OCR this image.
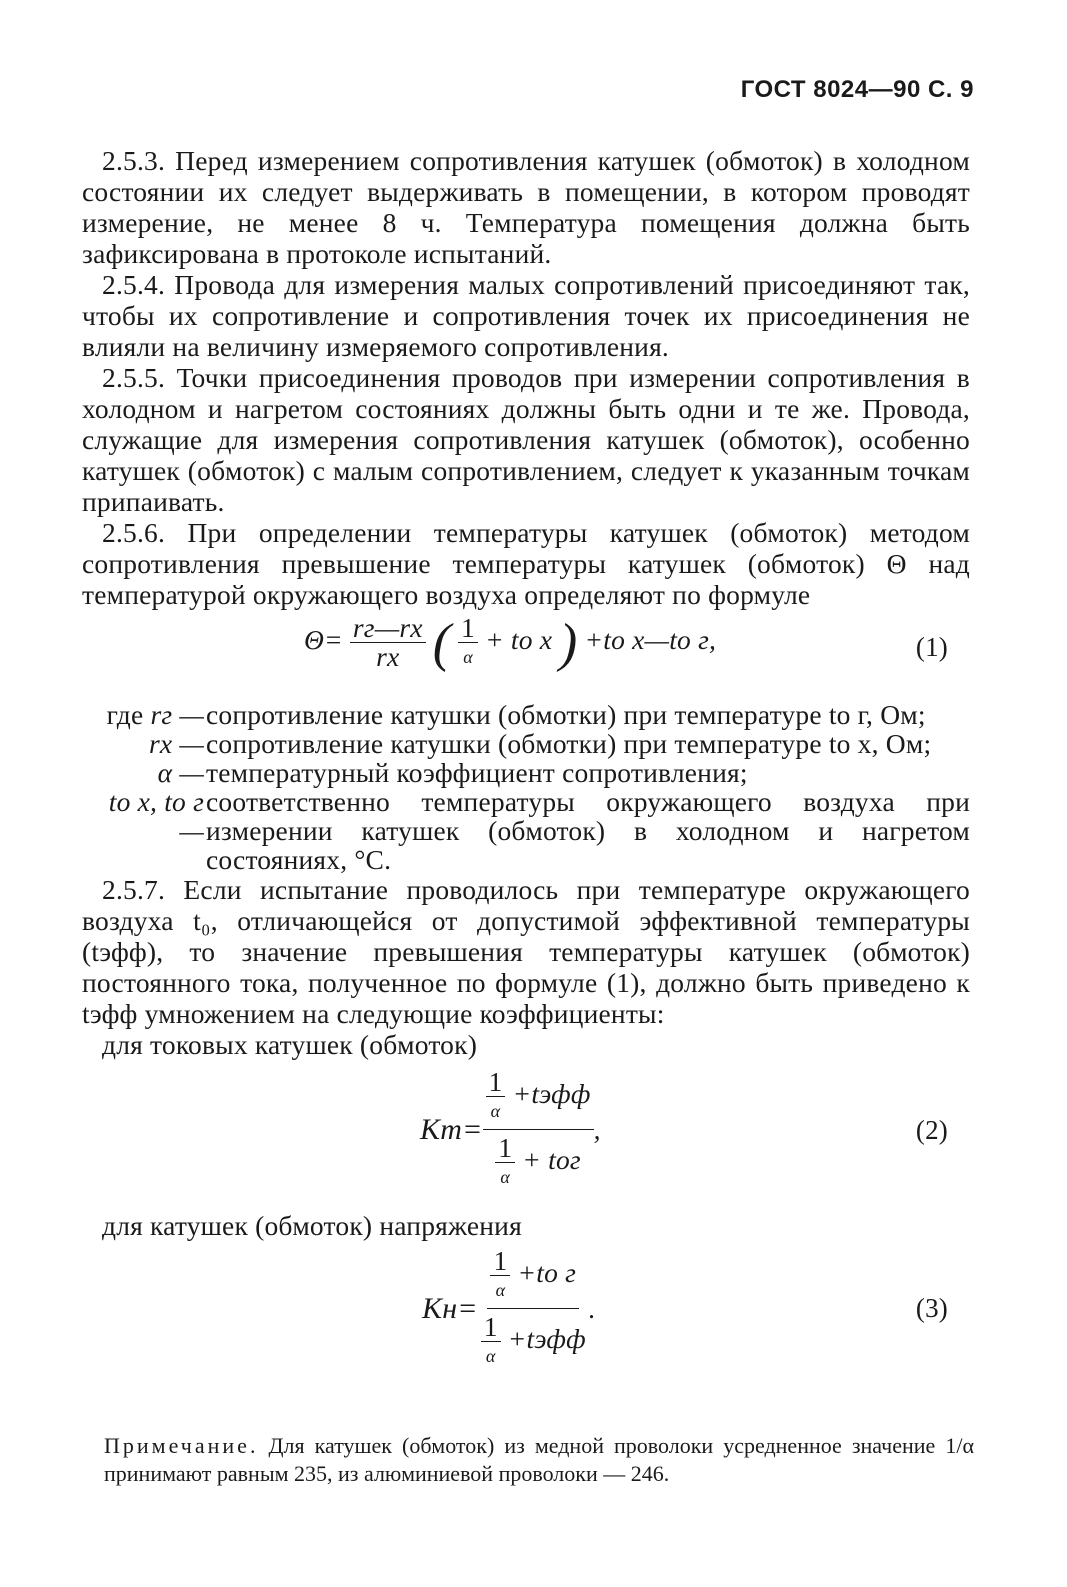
ГОСТ 8024—90 С. 9

2.5.3. Перед измерением сопротивления катушек (обмоток) в холодном состоянии их следует выдерживать в помещении, в котором проводят измерение, не менее 8 ч. Температура помещения должна быть зафиксирована в протоколе испытаний.

2.5.4. Провода для измерения малых сопротивлений присоединяют так, чтобы их сопротивление и сопротивления точек их присоединения не влияли на величину измеряемого сопротивления.

2.5.5. Точки присоединения проводов при измерении сопротивления в холодном и нагретом состояниях должны быть одни и те же. Провода, служащие для измерения сопротивления катушек (обмоток), особенно катушек (обмоток) с малым сопротивлением, следует к указанным точкам припаивать.

2.5.6. При определении температуры катушек (обмоток) методом сопротивления превышение температуры катушек (обмоток) Θ над температурой окружающего воздуха определяют по формуле

$\Theta= \frac{rг—rх}{rх}$ ( $\frac{1}{\alpha}$ + tо х ) +tо х—tо г,	(1)
где rг — сопротивление катушки (обмотки) при температуре tо г, Ом;
rх — сопротивление катушки (обмотки) при температуре tо х, Ом;
α — температурный коэффициент сопротивления;
tо х, tо г —
соответственно температуры окружающего воздуха при измерении катушек (обмоток) в холодном и нагретом состояниях, °С.

2.5.7. Если испытание проводилось при температуре окружающего воздуха t₀, отличающейся от допустимой эффективной температуры (tэфф), то значение превышения температуры катушек (обмоток) постоянного тока, полученное по формуле (1), должно быть приведено к tэфф умножением на следующие коэффициенты:

для токовых катушек (обмоток)

$Kт= \frac{\frac{1}{\alpha} +tэфф}{\frac{1}{\alpha} + tог}$ ,	(2)

для катушек (обмоток) напряжения

$Kн= \frac{\frac{1}{\alpha} +tо г}{\frac{1}{\alpha} +tэфф}$ .	(3)
Примечание. Для катушек (обмоток) из медной проволоки усредненное значение 1/α принимают равным 235, из алюминиевой проволоки — 246.
